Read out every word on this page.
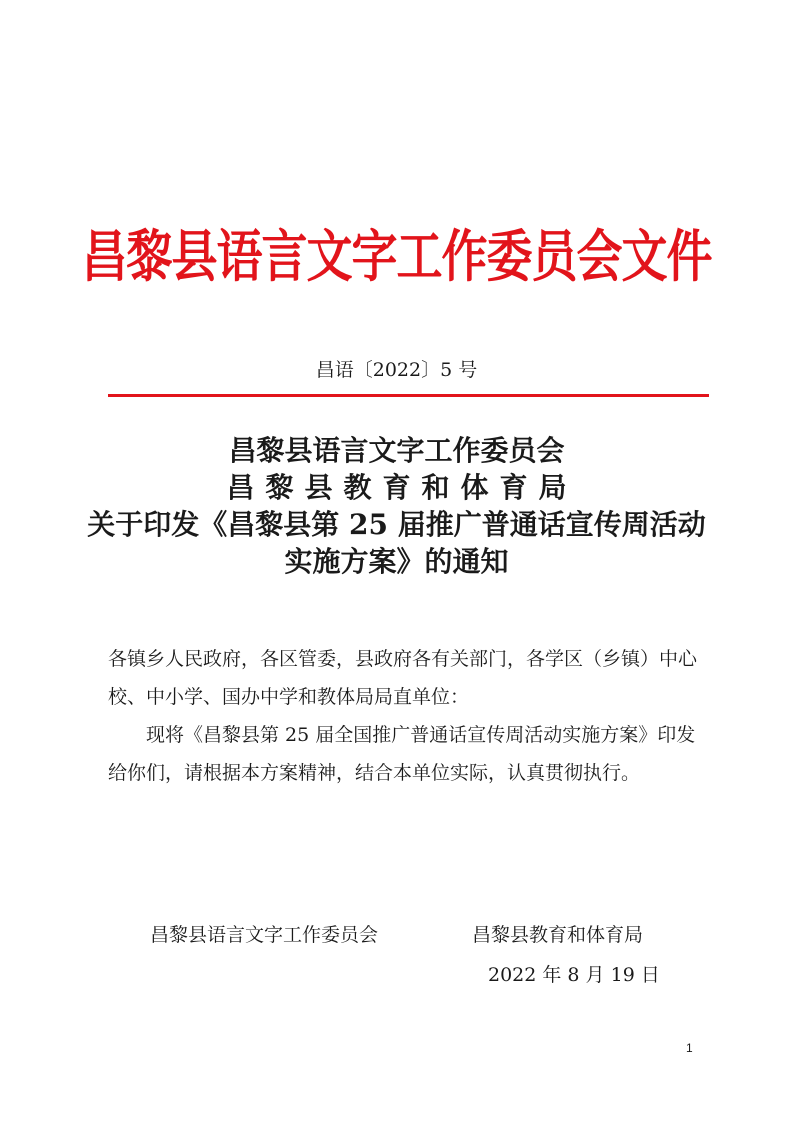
昌黎县语言文字工作委员会文件
昌语〔2022〕5 号
昌黎县语言文字工作委员会
昌黎县教育和体育局
关于印发《昌黎县第 25 届推广普通话宣传周活动
实施方案》的通知

各镇乡人民政府，各区管委，县政府各有关部门，各学区（乡镇）中心校、中小学、国办中学和教体局局直单位：

现将《昌黎县第 25 届全国推广普通话宣传周活动实施方案》印发给你们，请根据本方案精神，结合本单位实际，认真贯彻执行。

昌黎县语言文字工作委员会	昌黎县教育和体育局
2022 年 8 月 19 日
1
